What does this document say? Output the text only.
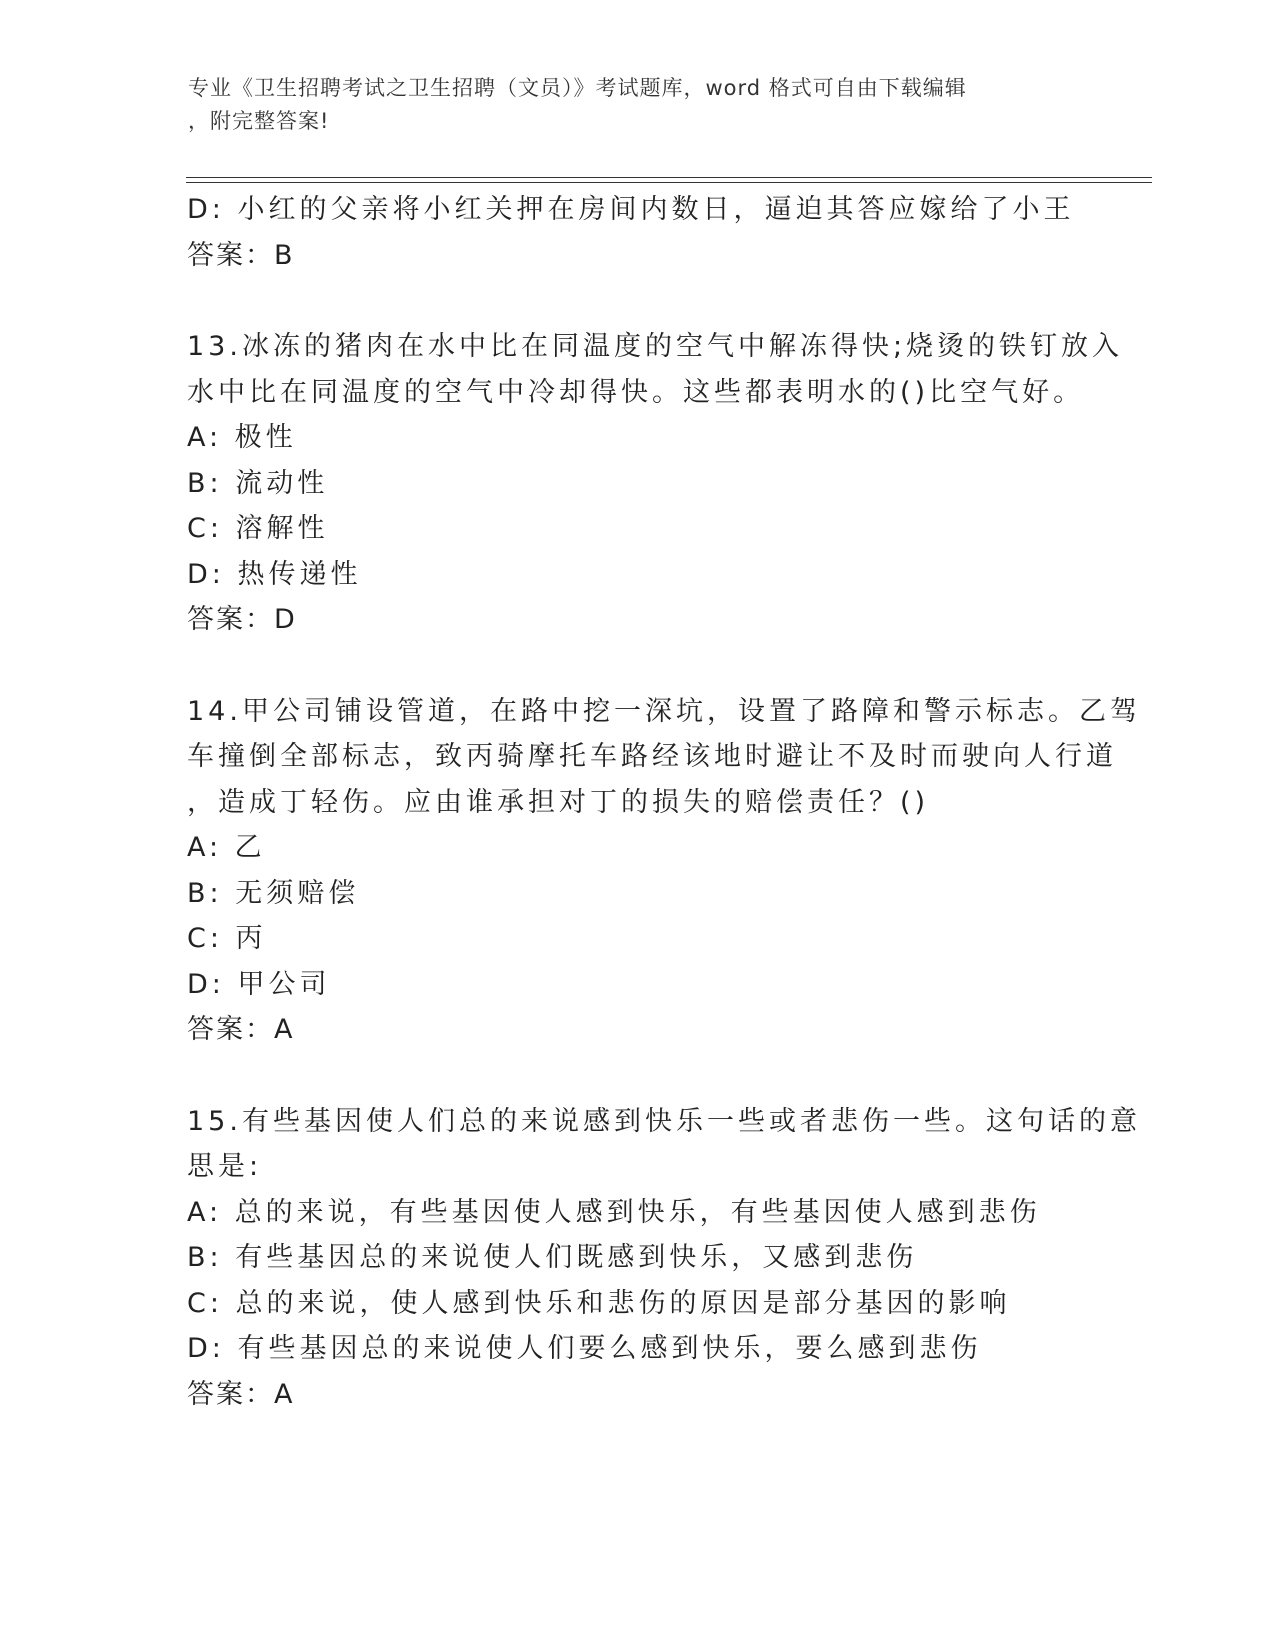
专业《卫生招聘考试之卫生招聘（文员）》考试题库，word 格式可自由下载编辑
，附完整答案!
D: 小红的父亲将小红关押在房间内数日，逼迫其答应嫁给了小王
答案：B
13.冰冻的猪肉在水中比在同温度的空气中解冻得快;烧烫的铁钉放入
水中比在同温度的空气中冷却得快。这些都表明水的()比空气好。
A: 极性
B: 流动性
C: 溶解性
D: 热传递性
答案：D
14.甲公司铺设管道，在路中挖一深坑，设置了路障和警示标志。乙驾
车撞倒全部标志，致丙骑摩托车路经该地时避让不及时而驶向人行道
，造成丁轻伤。应由谁承担对丁的损失的赔偿责任？()
A: 乙
B: 无须赔偿
C: 丙
D: 甲公司
答案：A
15.有些基因使人们总的来说感到快乐一些或者悲伤一些。这句话的意
思是:
A: 总的来说，有些基因使人感到快乐，有些基因使人感到悲伤
B: 有些基因总的来说使人们既感到快乐，又感到悲伤
C: 总的来说，使人感到快乐和悲伤的原因是部分基因的影响
D: 有些基因总的来说使人们要么感到快乐，要么感到悲伤
答案：A
